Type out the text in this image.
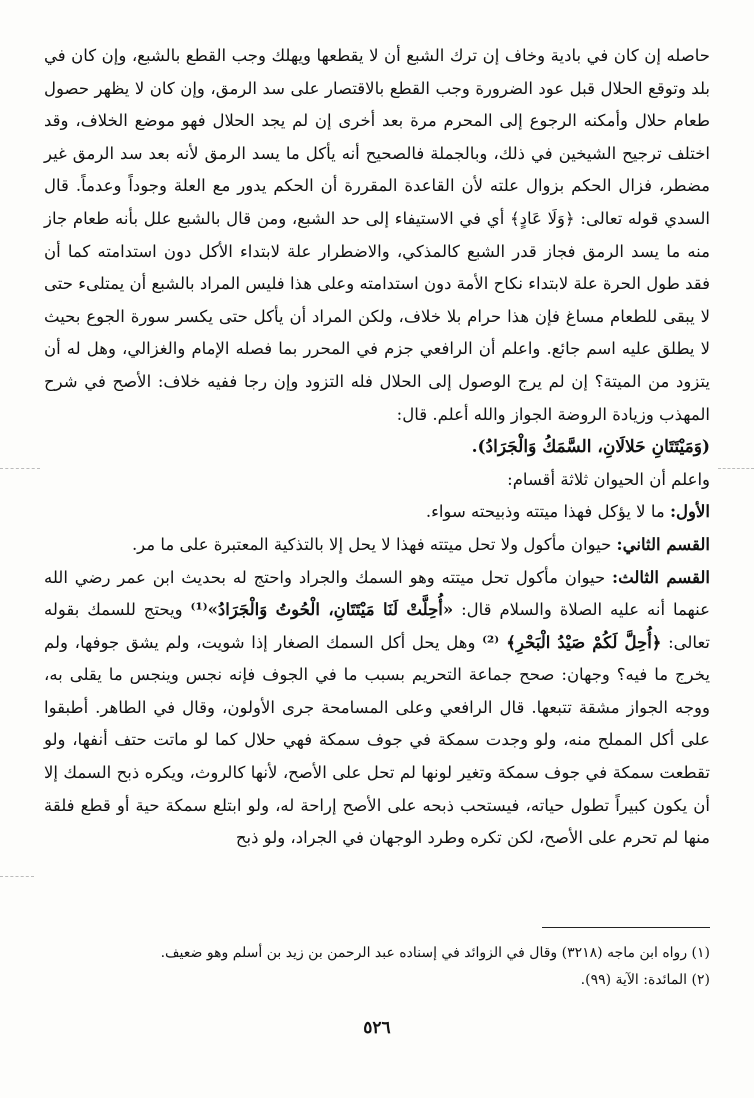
حاصله إن كان في بادية وخاف إن ترك الشبع أن لا يقطعها ويهلك وجب القطع بالشبع، وإن كان في بلد وتوقع الحلال قبل عود الضرورة وجب القطع بالاقتصار على سد الرمق، وإن كان لا يظهر حصول طعام حلال وأمكنه الرجوع إلى المحرم مرة بعد أخرى إن لم يجد الحلال فهو موضع الخلاف، وقد اختلف ترجيح الشيخين في ذلك، وبالجملة فالصحيح أنه يأكل ما يسد الرمق لأنه بعد سد الرمق غير مضطر، فزال الحكم بزوال علته لأن القاعدة المقررة أن الحكم يدور مع العلة وجوداً وعدماً. قال السدي قوله تعالى: ﴿وَلَا عَادٍ﴾ أي في الاستيفاء إلى حد الشبع، ومن قال بالشبع علل بأنه طعام جاز منه ما يسد الرمق فجاز قدر الشبع كالمذكي، والاضطرار علة لابتداء الأكل دون استدامته كما أن فقد طول الحرة علة لابتداء نكاح الأمة دون استدامته وعلى هذا فليس المراد بالشبع أن يمتلىء حتى لا يبقى للطعام مساغ فإن هذا حرام بلا خلاف، ولكن المراد أن يأكل حتى يكسر سورة الجوع بحيث لا يطلق عليه اسم جائع. واعلم أن الرافعي جزم في المحرر بما فصله الإمام والغزالي، وهل له أن يتزود من الميتة؟ إن لم يرج الوصول إلى الحلال فله التزود وإن رجا ففيه خلاف: الأصح في شرح المهذب وزيادة الروضة الجواز والله أعلم. قال:

(وَمَيْتَتَانِ حَلالَانِ، السَّمَكُ وَالْجَرَادُ).

واعلم أن الحيوان ثلاثة أقسام:

الأول: ما لا يؤكل فهذا ميتته وذبيحته سواء.

القسم الثاني: حيوان مأكول ولا تحل ميتته فهذا لا يحل إلا بالتذكية المعتبرة على ما مر.

القسم الثالث: حيوان مأكول تحل ميتته وهو السمك والجراد واحتج له بحديث ابن عمر رضي الله عنهما أنه عليه الصلاة والسلام قال: «أُحِلَّتْ لَنَا مَيْتَتَانِ، الْحُوتُ وَالْجَرَادُ»⁽¹⁾ ويحتج للسمك بقوله تعالى: ﴿أُحِلَّ لَكُمْ صَيْدُ الْبَحْرِ﴾ ⁽²⁾ وهل يحل أكل السمك الصغار إذا شويت، ولم يشق جوفها، ولم يخرج ما فيه؟ وجهان: صحح جماعة التحريم بسبب ما في الجوف فإنه نجس وينجس ما يقلى به، ووجه الجواز مشقة تتبعها. قال الرافعي وعلى المسامحة جرى الأولون، وقال في الطاهر. أطبقوا على أكل المملح منه، ولو وجدت سمكة في جوف سمكة فهي حلال كما لو ماتت حتف أنفها، ولو تقطعت سمكة في جوف سمكة وتغير لونها لم تحل على الأصح، لأنها كالروث، ويكره ذبح السمك إلا أن يكون كبيراً تطول حياته، فيستحب ذبحه على الأصح إراحة له، ولو ابتلع سمكة حية أو قطع فلقة منها لم تحرم على الأصح، لكن تكره وطرد الوجهان في الجراد، ولو ذبح

(١) رواه ابن ماجه (٣٢١٨) وقال في الزوائد في إسناده عبد الرحمن بن زيد بن أسلم وهو ضعيف.

(٢) المائدة: الآية (٩٩).

٥٢٦
